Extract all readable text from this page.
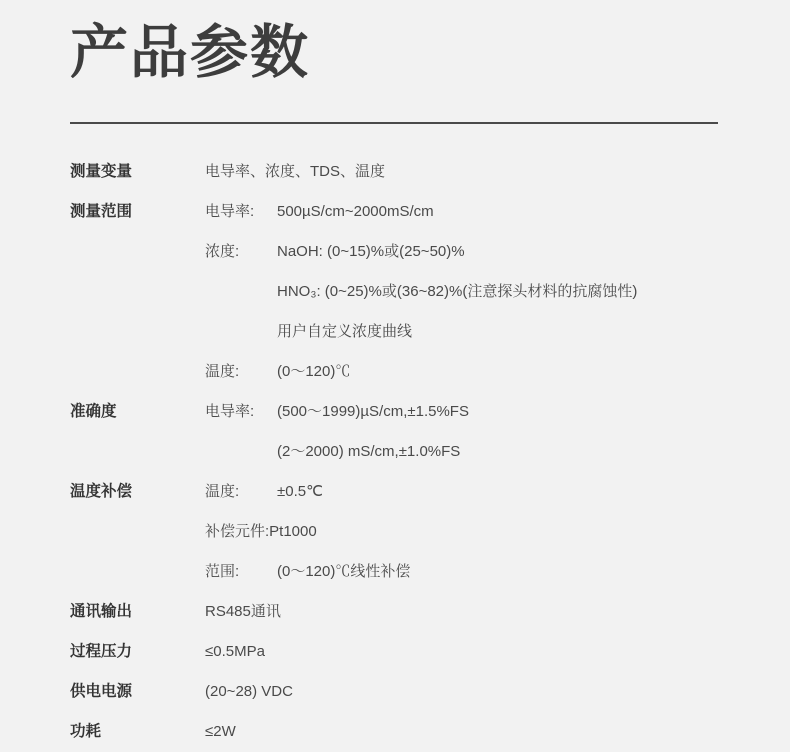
产品参数
测量变量	电导率、浓度、TDS、温度
测量范围	电导率:	500µS/cm~2000mS/cm
浓度:	NaOH: (0~15)%或(25~50)%
HNO₃: (0~25)%或(36~82)%(注意探头材料的抗腐蚀性)
用户自定义浓度曲线
温度:	(0～120)℃
准确度	电导率:	(500～1999)µS/cm,±1.5%FS
(2～2000) mS/cm,±1.0%FS
温度补偿	温度:	±0.5℃
补偿元件:Pt1000
范围:	(0～120)℃线性补偿
通讯输出	RS485通讯
过程压力	≤0.5MPa
供电电源	(20~28) VDC
功耗	≤2W
